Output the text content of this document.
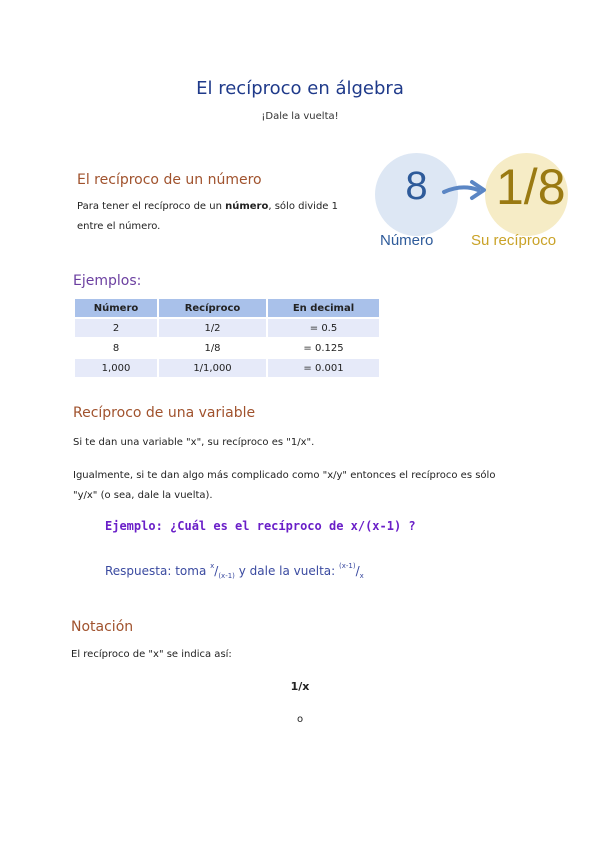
El recíproco en álgebra
¡Dale la vuelta!
El recíproco de un número
Para tener el recíproco de un número, sólo divide 1
entre el número.
8	1/8
Número	Su recíproco
Ejemplos:
Número	Recíproco	En decimal
2	1/2	= 0.5
8	1/8	= 0.125
1,000	1/1,000	= 0.001
Recíproco de una variable
Si te dan una variable "x", su recíproco es "1/x".
Igualmente, si te dan algo más complicado como "x/y" entonces el recíproco es sólo
"y/x" (o sea, dale la vuelta).
Ejemplo: ¿Cuál es el recíproco de x/(x-1) ?
Respuesta: toma $^x/_{(x-1)}$ y dale la vuelta: $^{(x-1)}/_x$
Notación
El recíproco de "x" se indica así:
1/x
o
